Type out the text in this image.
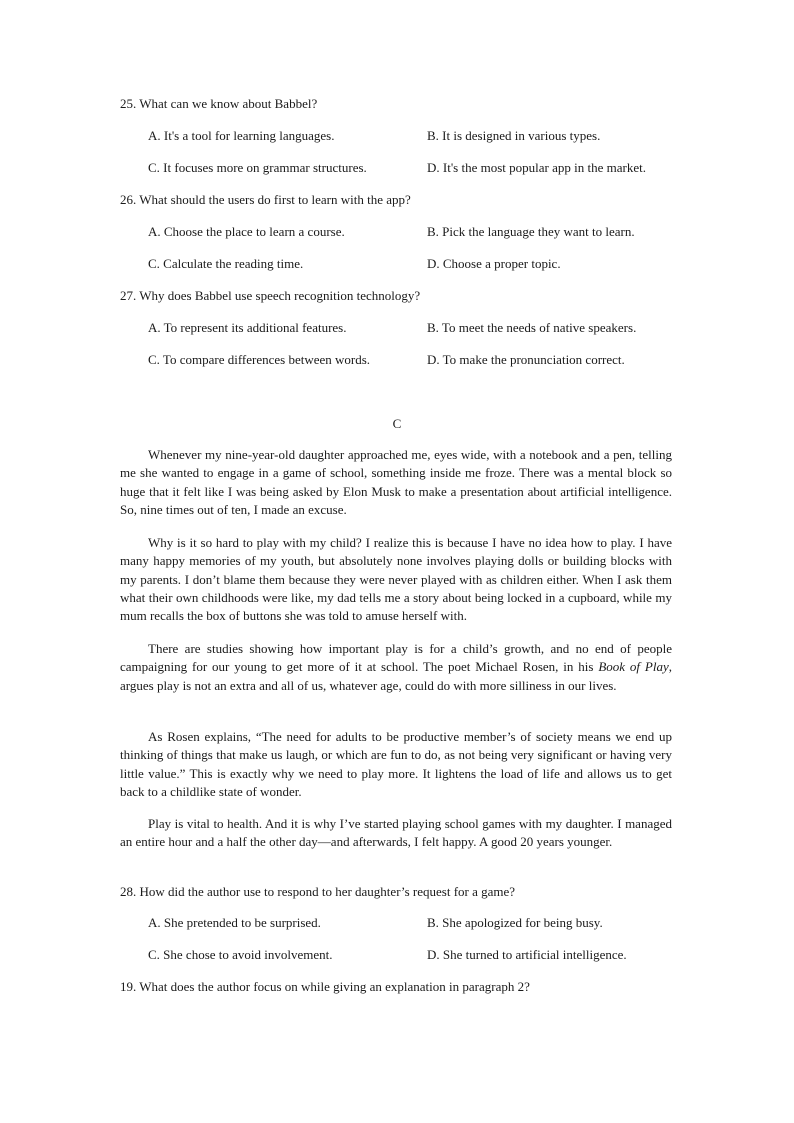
25. What can we know about Babbel?
A. It's a tool for learning languages.	B. It is designed in various types.
C. It focuses more on grammar structures.	D. It's the most popular app in the market.
26. What should the users do first to learn with the app?
A. Choose the place to learn a course.	B. Pick the language they want to learn.
C. Calculate the reading time.	D. Choose a proper topic.
27. Why does Babbel use speech recognition technology?
A. To represent its additional features.	B. To meet the needs of native speakers.
C. To compare differences between words.	D. To make the pronunciation correct.
C

Whenever my nine-year-old daughter approached me, eyes wide, with a notebook and a pen, telling me she wanted to engage in a game of school, something inside me froze. There was a mental block so huge that it felt like I was being asked by Elon Musk to make a presentation about artificial intelligence. So, nine times out of ten, I made an excuse.

Why is it so hard to play with my child? I realize this is because I have no idea how to play. I have many happy memories of my youth, but absolutely none involves playing dolls or building blocks with my parents. I don’t blame them because they were never played with as children either. When I ask them what their own childhoods were like, my dad tells me a story about being locked in a cupboard, while my mum recalls the box of buttons she was told to amuse herself with.

There are studies showing how important play is for a child’s growth, and no end of people campaigning for our young to get more of it at school. The poet Michael Rosen, in his Book of Play, argues play is not an extra and all of us, whatever age, could do with more silliness in our lives.

As Rosen explains, “The need for adults to be productive member’s of society means we end up thinking of things that make us laugh, or which are fun to do, as not being very significant or having very little value.” This is exactly why we need to play more. It lightens the load of life and allows us to get back to a childlike state of wonder.

Play is vital to health. And it is why I’ve started playing school games with my daughter. I managed an entire hour and a half the other day—and afterwards, I felt happy. A good 20 years younger.

28. How did the author use to respond to her daughter’s request for a game?
A. She pretended to be surprised.	B. She apologized for being busy.
C. She chose to avoid involvement.	D. She turned to artificial intelligence.
19. What does the author focus on while giving an explanation in paragraph 2?
